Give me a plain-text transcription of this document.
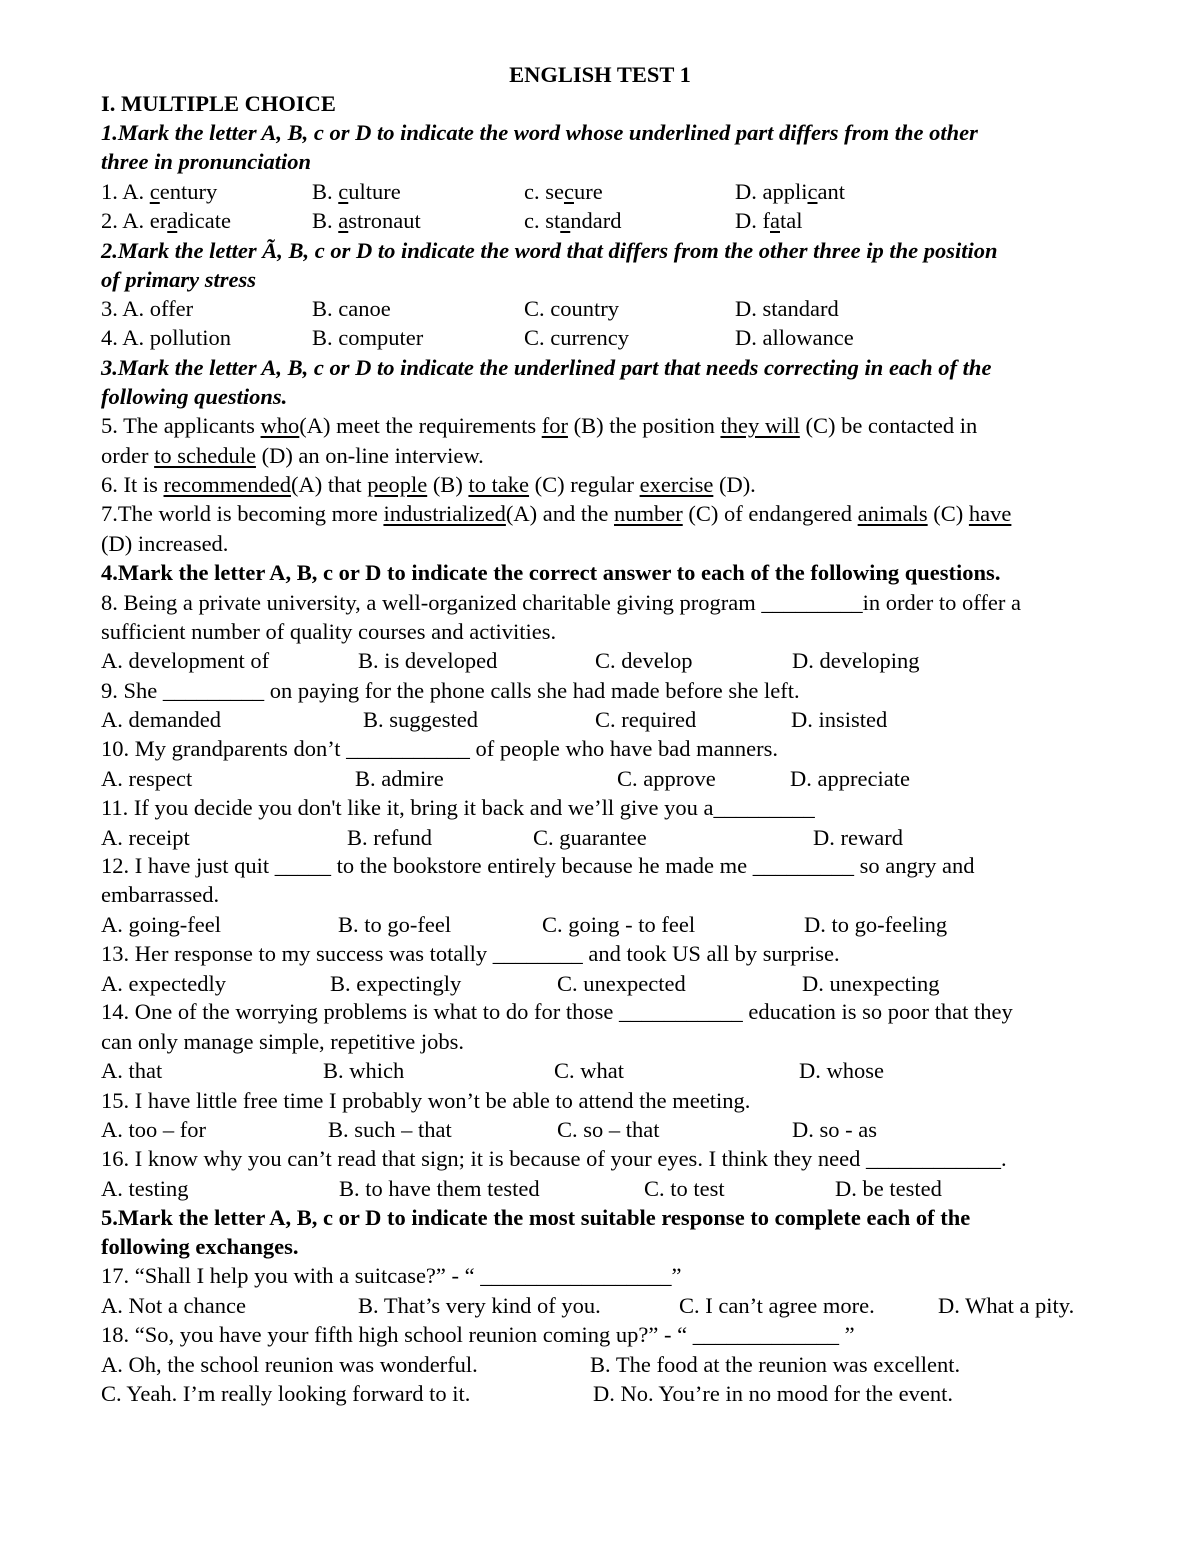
ENGLISH TEST 1
I. MULTIPLE CHOICE
1.Mark the letter A, B, c or D to indicate the word whose underlined part differs from the other
three in pronunciation
1. A. century	B. culture	c. secure	D. applicant
2. A. eradicate	B. astronaut	c. standard	D. fatal
2.Mark the letter Ã, B, c or D to indicate the word that differs from the other three ip the position
of primary stress
3. A. offer	B. canoe	C. country	D. standard
4. A. pollution	B. computer	C. currency	D. allowance
3.Mark the letter A, B, c or D to indicate the underlined part that needs correcting in each of the
following questions.
5. The applicants who(A) meet the requirements for (B) the position they will (C) be contacted in
order to schedule (D) an on-line interview.
6. It is recommended(A) that people (B) to take (C) regular exercise (D).
7.The world is becoming more industrialized(A) and the number (C) of endangered animals (C) have
(D) increased.
4.Mark the letter A, B, c or D to indicate the correct answer to each of the following questions.
8. Being a private university, a well-organized charitable giving program _________in order to offer a
sufficient number of quality courses and activities.
A. development of	B. is developed	C. develop	D. developing
9. She _________ on paying for the phone calls she had made before she left.
A. demanded	B. suggested	C. required	D. insisted
10. My grandparents don’t ___________ of people who have bad manners.
A. respect	B. admire	C. approve	D. appreciate
11. If you decide you don't like it, bring it back and we’ll give you a_________
A. receipt	B. refund	C. guarantee	D. reward
12. I have just quit _____ to the bookstore entirely because he made me _________ so angry and
embarrassed.
A. going-feel	B. to go-feel	C. going - to feel	D. to go-feeling
13. Her response to my success was totally ________ and took US all by surprise.
A. expectedly	B. expectingly	C. unexpected	D. unexpecting
14. One of the worrying problems is what to do for those ___________ education is so poor that they
can only manage simple, repetitive jobs.
A. that	B. which	C. what	D. whose
15. I have little free time I probably won’t be able to attend the meeting.
A. too – for	B. such – that	C. so – that	D. so - as
16. I know why you can’t read that sign; it is because of your eyes. I think they need ____________.
A. testing	B. to have them tested	C. to test	D. be tested
5.Mark the letter A, B, c or D to indicate the most suitable response to complete each of the
following exchanges.
17. “Shall I help you with a suitcase?” - “ _________________”
A. Not a chance	B. That’s very kind of you.	C. I can’t agree more.	D. What a pity.
18. “So, you have your fifth high school reunion coming up?” - “ _____________ ”
A. Oh, the school reunion was wonderful.	B. The food at the reunion was excellent.
C. Yeah. I’m really looking forward to it.	D. No. You’re in no mood for the event.
